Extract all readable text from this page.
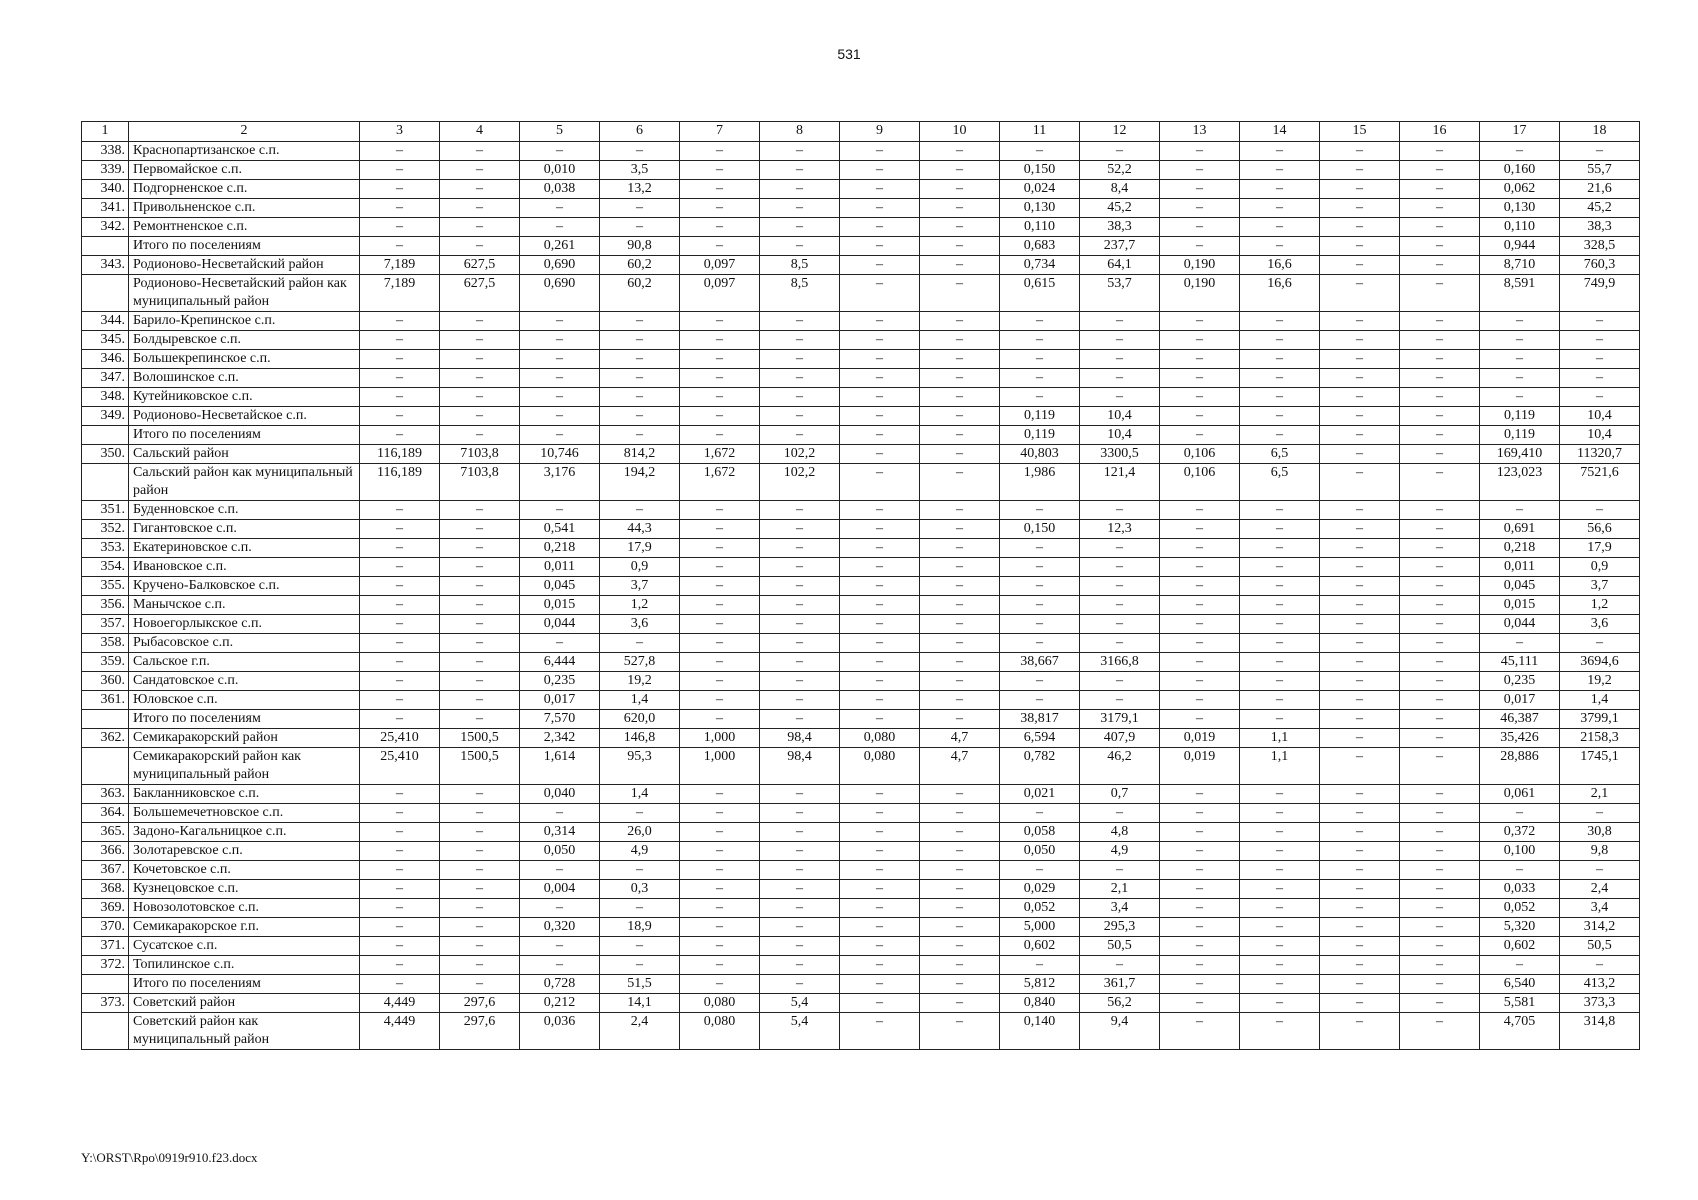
531
1	2	3	4	5	6	7	8	9	10	11	12	13	14	15	16	17	18
338.	Краснопартизанское с.п.	–	–	–	–	–	–	–	–	–	–	–	–	–	–	–	–
339.	Первомайское с.п.	–	–	0,010	3,5	–	–	–	–	0,150	52,2	–	–	–	–	0,160	55,7
340.	Подгорненское с.п.	–	–	0,038	13,2	–	–	–	–	0,024	8,4	–	–	–	–	0,062	21,6
341.	Привольненское с.п.	–	–	–	–	–	–	–	–	0,130	45,2	–	–	–	–	0,130	45,2
342.	Ремонтненское с.п.	–	–	–	–	–	–	–	–	0,110	38,3	–	–	–	–	0,110	38,3
	Итого по поселениям	–	–	0,261	90,8	–	–	–	–	0,683	237,7	–	–	–	–	0,944	328,5
343.	Родионово-Несветайский район	7,189	627,5	0,690	60,2	0,097	8,5	–	–	0,734	64,1	0,190	16,6	–	–	8,710	760,3
	Родионово-Несветайский район как муниципальный район	7,189	627,5	0,690	60,2	0,097	8,5	–	–	0,615	53,7	0,190	16,6	–	–	8,591	749,9
344.	Барило-Крепинское с.п.	–	–	–	–	–	–	–	–	–	–	–	–	–	–	–	–
345.	Болдыревское с.п.	–	–	–	–	–	–	–	–	–	–	–	–	–	–	–	–
346.	Большекрепинское с.п.	–	–	–	–	–	–	–	–	–	–	–	–	–	–	–	–
347.	Волошинское с.п.	–	–	–	–	–	–	–	–	–	–	–	–	–	–	–	–
348.	Кутейниковское с.п.	–	–	–	–	–	–	–	–	–	–	–	–	–	–	–	–
349.	Родионово-Несветайское с.п.	–	–	–	–	–	–	–	–	0,119	10,4	–	–	–	–	0,119	10,4
	Итого по поселениям	–	–	–	–	–	–	–	–	0,119	10,4	–	–	–	–	0,119	10,4
350.	Сальский район	116,189	7103,8	10,746	814,2	1,672	102,2	–	–	40,803	3300,5	0,106	6,5	–	–	169,410	11320,7
	Сальский район как муниципальный район	116,189	7103,8	3,176	194,2	1,672	102,2	–	–	1,986	121,4	0,106	6,5	–	–	123,023	7521,6
351.	Буденновское с.п.	–	–	–	–	–	–	–	–	–	–	–	–	–	–	–	–
352.	Гигантовское с.п.	–	–	0,541	44,3	–	–	–	–	0,150	12,3	–	–	–	–	0,691	56,6
353.	Екатериновское с.п.	–	–	0,218	17,9	–	–	–	–	–	–	–	–	–	–	0,218	17,9
354.	Ивановское с.п.	–	–	0,011	0,9	–	–	–	–	–	–	–	–	–	–	0,011	0,9
355.	Кручено-Балковское с.п.	–	–	0,045	3,7	–	–	–	–	–	–	–	–	–	–	0,045	3,7
356.	Манычское с.п.	–	–	0,015	1,2	–	–	–	–	–	–	–	–	–	–	0,015	1,2
357.	Новоегорлыкское с.п.	–	–	0,044	3,6	–	–	–	–	–	–	–	–	–	–	0,044	3,6
358.	Рыбасовское с.п.	–	–	–	–	–	–	–	–	–	–	–	–	–	–	–	–
359.	Сальское г.п.	–	–	6,444	527,8	–	–	–	–	38,667	3166,8	–	–	–	–	45,111	3694,6
360.	Сандатовское с.п.	–	–	0,235	19,2	–	–	–	–	–	–	–	–	–	–	0,235	19,2
361.	Юловское с.п.	–	–	0,017	1,4	–	–	–	–	–	–	–	–	–	–	0,017	1,4
	Итого по поселениям	–	–	7,570	620,0	–	–	–	–	38,817	3179,1	–	–	–	–	46,387	3799,1
362.	Семикаракорский район	25,410	1500,5	2,342	146,8	1,000	98,4	0,080	4,7	6,594	407,9	0,019	1,1	–	–	35,426	2158,3
	Семикаракорский район как муниципальный район	25,410	1500,5	1,614	95,3	1,000	98,4	0,080	4,7	0,782	46,2	0,019	1,1	–	–	28,886	1745,1
363.	Бакланниковское с.п.	–	–	0,040	1,4	–	–	–	–	0,021	0,7	–	–	–	–	0,061	2,1
364.	Большемечетновское с.п.	–	–	–	–	–	–	–	–	–	–	–	–	–	–	–	–
365.	Задоно-Кагальницкое с.п.	–	–	0,314	26,0	–	–	–	–	0,058	4,8	–	–	–	–	0,372	30,8
366.	Золотаревское с.п.	–	–	0,050	4,9	–	–	–	–	0,050	4,9	–	–	–	–	0,100	9,8
367.	Кочетовское с.п.	–	–	–	–	–	–	–	–	–	–	–	–	–	–	–	–
368.	Кузнецовское с.п.	–	–	0,004	0,3	–	–	–	–	0,029	2,1	–	–	–	–	0,033	2,4
369.	Новозолотовское с.п.	–	–	–	–	–	–	–	–	0,052	3,4	–	–	–	–	0,052	3,4
370.	Семикаракорское г.п.	–	–	0,320	18,9	–	–	–	–	5,000	295,3	–	–	–	–	5,320	314,2
371.	Сусатское с.п.	–	–	–	–	–	–	–	–	0,602	50,5	–	–	–	–	0,602	50,5
372.	Топилинское с.п.	–	–	–	–	–	–	–	–	–	–	–	–	–	–	–	–
	Итого по поселениям	–	–	0,728	51,5	–	–	–	–	5,812	361,7	–	–	–	–	6,540	413,2
373.	Советский район	4,449	297,6	0,212	14,1	0,080	5,4	–	–	0,840	56,2	–	–	–	–	5,581	373,3
	Советский район как муниципальный район	4,449	297,6	0,036	2,4	0,080	5,4	–	–	0,140	9,4	–	–	–	–	4,705	314,8
Y:\ORST\Rpo\0919r910.f23.docx
